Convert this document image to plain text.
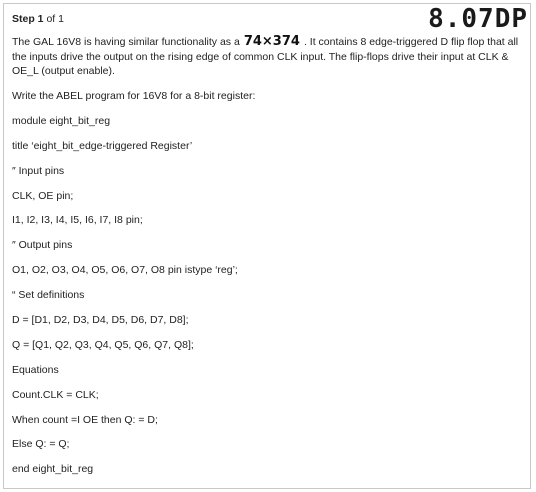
Step 1 of 1	8.07DP
The GAL 16V8 is having similar functionality as a 74×374 . It contains 8 edge-triggered D flip flop that all the inputs drive the output on the rising edge of common CLK input. The flip-flops drive their input at CLK & OE_L (output enable).
Write the ABEL program for 16V8 for a 8-bit register:
module eight_bit_reg
title ‘eight_bit_edge-triggered Register’
″ Input pins
CLK, OE pin;
I1, I2, I3, I4, I5, I6, I7, I8 pin;
″ Output pins
O1, O2, O3, O4, O5, O6, O7, O8 pin istype ‘reg’;
“ Set definitions
D = [D1, D2, D3, D4, D5, D6, D7, D8];
Q = [Q1, Q2, Q3, Q4, Q5, Q6, Q7, Q8];
Equations
Count.CLK = CLK;
When count =I OE then Q: = D;
Else Q: = Q;
end eight_bit_reg
